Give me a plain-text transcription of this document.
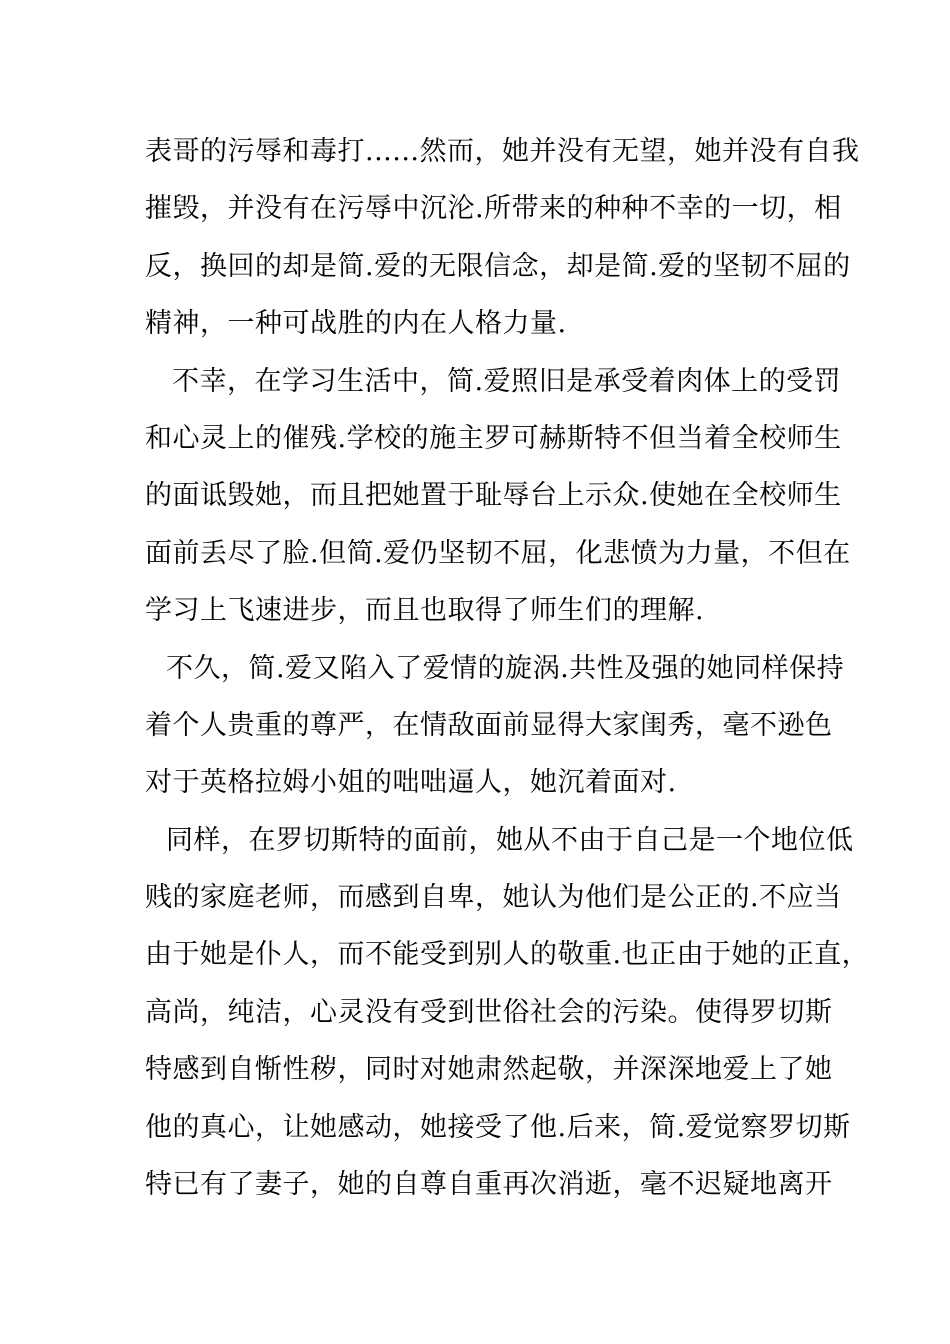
表哥的污辱和毒打......然而，她并没有无望，她并没有自我
摧毁，并没有在污辱中沉沦.所带来的种种不幸的一切，相
反，换回的却是简.爱的无限信念，却是简.爱的坚韧不屈的
精神，一种可战胜的内在人格力量.
不幸，在学习生活中，简.爱照旧是承受着肉体上的受罚
和心灵上的催残.学校的施主罗可赫斯特不但当着全校师生
的面诋毁她，而且把她置于耻辱台上示众.使她在全校师生
面前丢尽了脸.但简.爱仍坚韧不屈，化悲愤为力量，不但在
学习上飞速进步，而且也取得了师生们的理解.
不久，简.爱又陷入了爱情的旋涡.共性及强的她同样保持
着个人贵重的尊严，在情敌面前显得大家闺秀，毫不逊色
对于英格拉姆小姐的咄咄逼人，她沉着面对.
同样，在罗切斯特的面前，她从不由于自己是一个地位低
贱的家庭老师，而感到自卑，她认为他们是公正的.不应当
由于她是仆人，而不能受到别人的敬重.也正由于她的正直，
高尚，纯洁，心灵没有受到世俗社会的污染。使得罗切斯
特感到自惭性秽，同时对她肃然起敬，并深深地爱上了她
他的真心，让她感动，她接受了他.后来，简.爱觉察罗切斯
特已有了妻子，她的自尊自重再次消逝，毫不迟疑地离开
